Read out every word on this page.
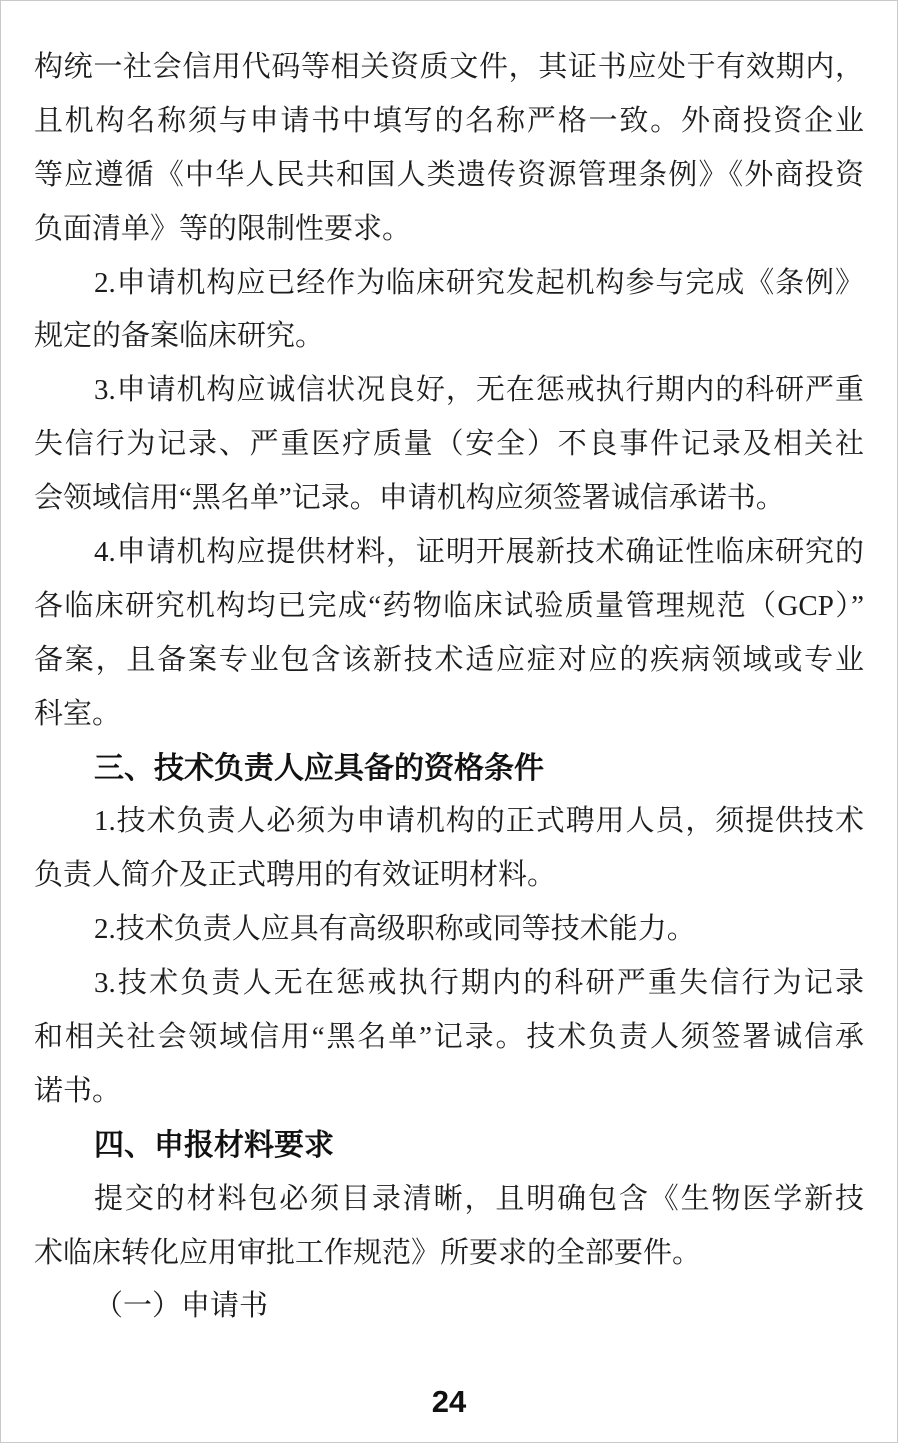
构统一社会信用代码等相关资质文件，其证书应处于有效期内，
且机构名称须与申请书中填写的名称严格一致。外商投资企业
等应遵循《中华人民共和国人类遗传资源管理条例》《外商投资
负面清单》等的限制性要求。
2.申请机构应已经作为临床研究发起机构参与完成《条例》
规定的备案临床研究。
3.申请机构应诚信状况良好，无在惩戒执行期内的科研严重
失信行为记录、严重医疗质量（安全）不良事件记录及相关社
会领域信用“黑名单”记录。申请机构应须签署诚信承诺书。
4.申请机构应提供材料，证明开展新技术确证性临床研究的
各临床研究机构均已完成“药物临床试验质量管理规范（GCP）”
备案，且备案专业包含该新技术适应症对应的疾病领域或专业
科室。
三、技术负责人应具备的资格条件
1.技术负责人必须为申请机构的正式聘用人员，须提供技术
负责人简介及正式聘用的有效证明材料。
2.技术负责人应具有高级职称或同等技术能力。
3.技术负责人无在惩戒执行期内的科研严重失信行为记录
和相关社会领域信用“黑名单”记录。技术负责人须签署诚信承
诺书。
四、申报材料要求
提交的材料包必须目录清晰，且明确包含《生物医学新技
术临床转化应用审批工作规范》所要求的全部要件。
（一）申请书
24
